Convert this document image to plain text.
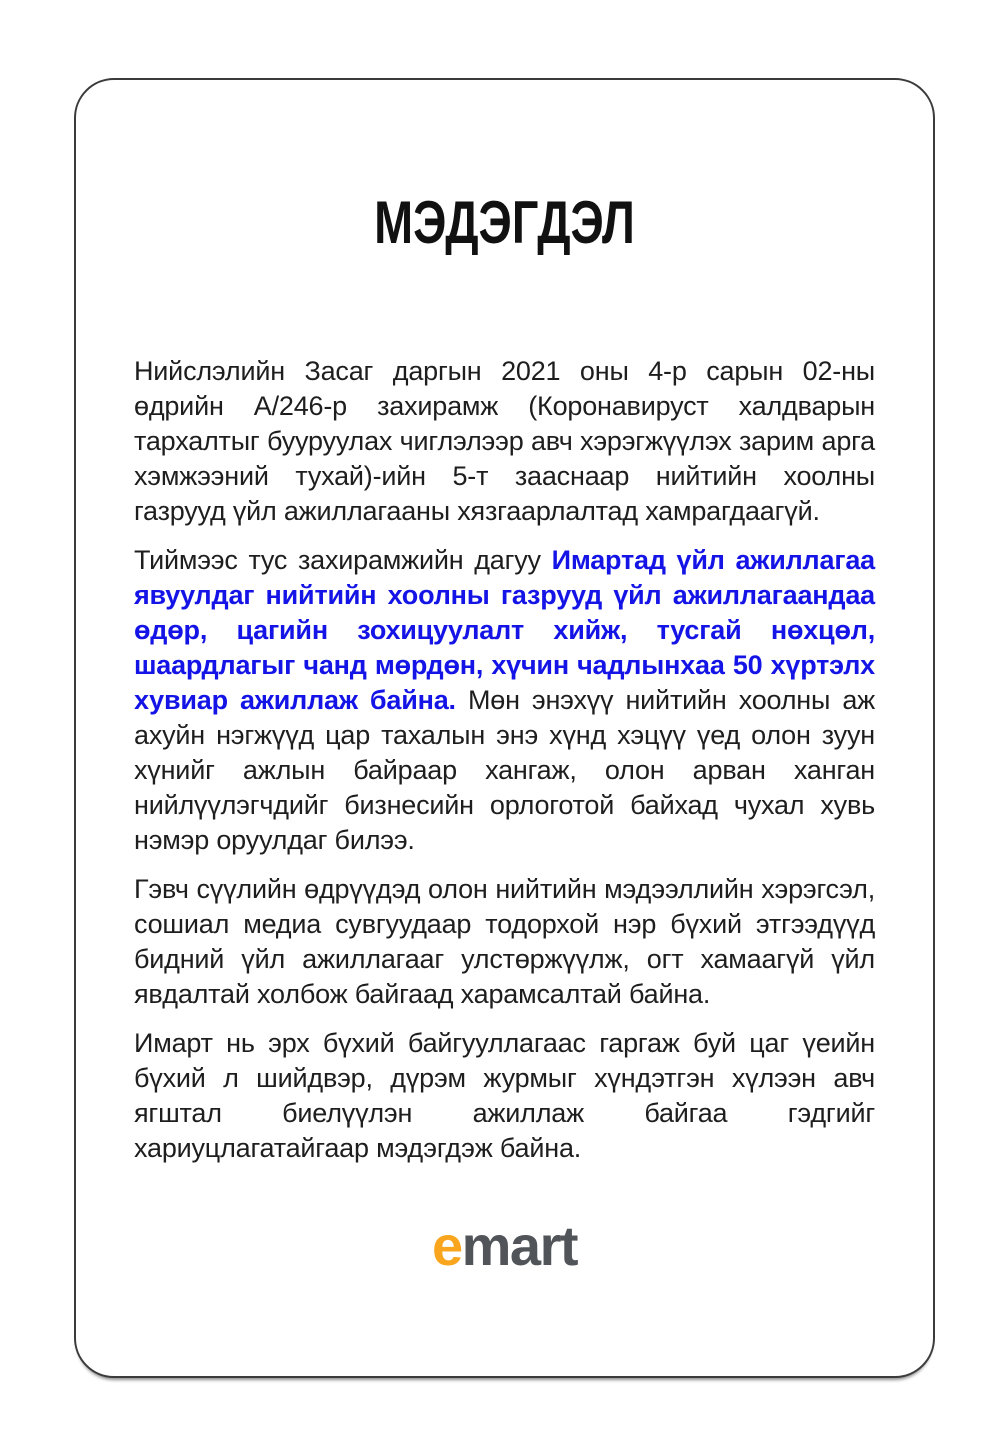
МЭДЭГДЭЛ

Нийслэлийн Засаг даргын 2021 оны 4-р сарын 02-ны өдрийн А/246-р захирамж (Коронавируст халдварын тархалтыг бууруулах чиглэлээр авч хэрэгжүүлэх зарим арга хэмжээний тухай)-ийн 5-т зааснаар нийтийн хоолны газрууд үйл ажиллагааны хязгаарлалтад хамрагдаагүй.

Тиймээс тус захирамжийн дагуу Имартад үйл ажиллагаа явуулдаг нийтийн хоолны газрууд үйл ажиллагаандаа өдөр, цагийн зохицуулалт хийж, тусгай нөхцөл, шаардлагыг чанд мөрдөн, хүчин чадлынхаа 50 хүртэлх хувиар ажиллаж байна. Мөн энэхүү нийтийн хоолны аж ахуйн нэгжүүд цар тахалын энэ хүнд хэцүү үед олон зуун хүнийг ажлын байраар хангаж, олон арван ханган нийлүүлэгчдийг бизнесийн орлоготой байхад чухал хувь нэмэр оруулдаг билээ.

Гэвч сүүлийн өдрүүдэд олон нийтийн мэдээллийн хэрэгсэл, сошиал медиа сувгуудаар тодорхой нэр бүхий этгээдүүд бидний үйл ажиллагааг улстөржүүлж, огт хамаагүй үйл явдалтай холбож байгаад харамсалтай байна.

Имарт нь эрх бүхий байгууллагаас гаргаж буй цаг үеийн бүхий л шийдвэр, дүрэм журмыг хүндэтгэн хүлээн авч ягштал биелүүлэн ажиллаж байгаа гэдгийг хариуцлагатайгаар мэдэгдэж байна.

emart
